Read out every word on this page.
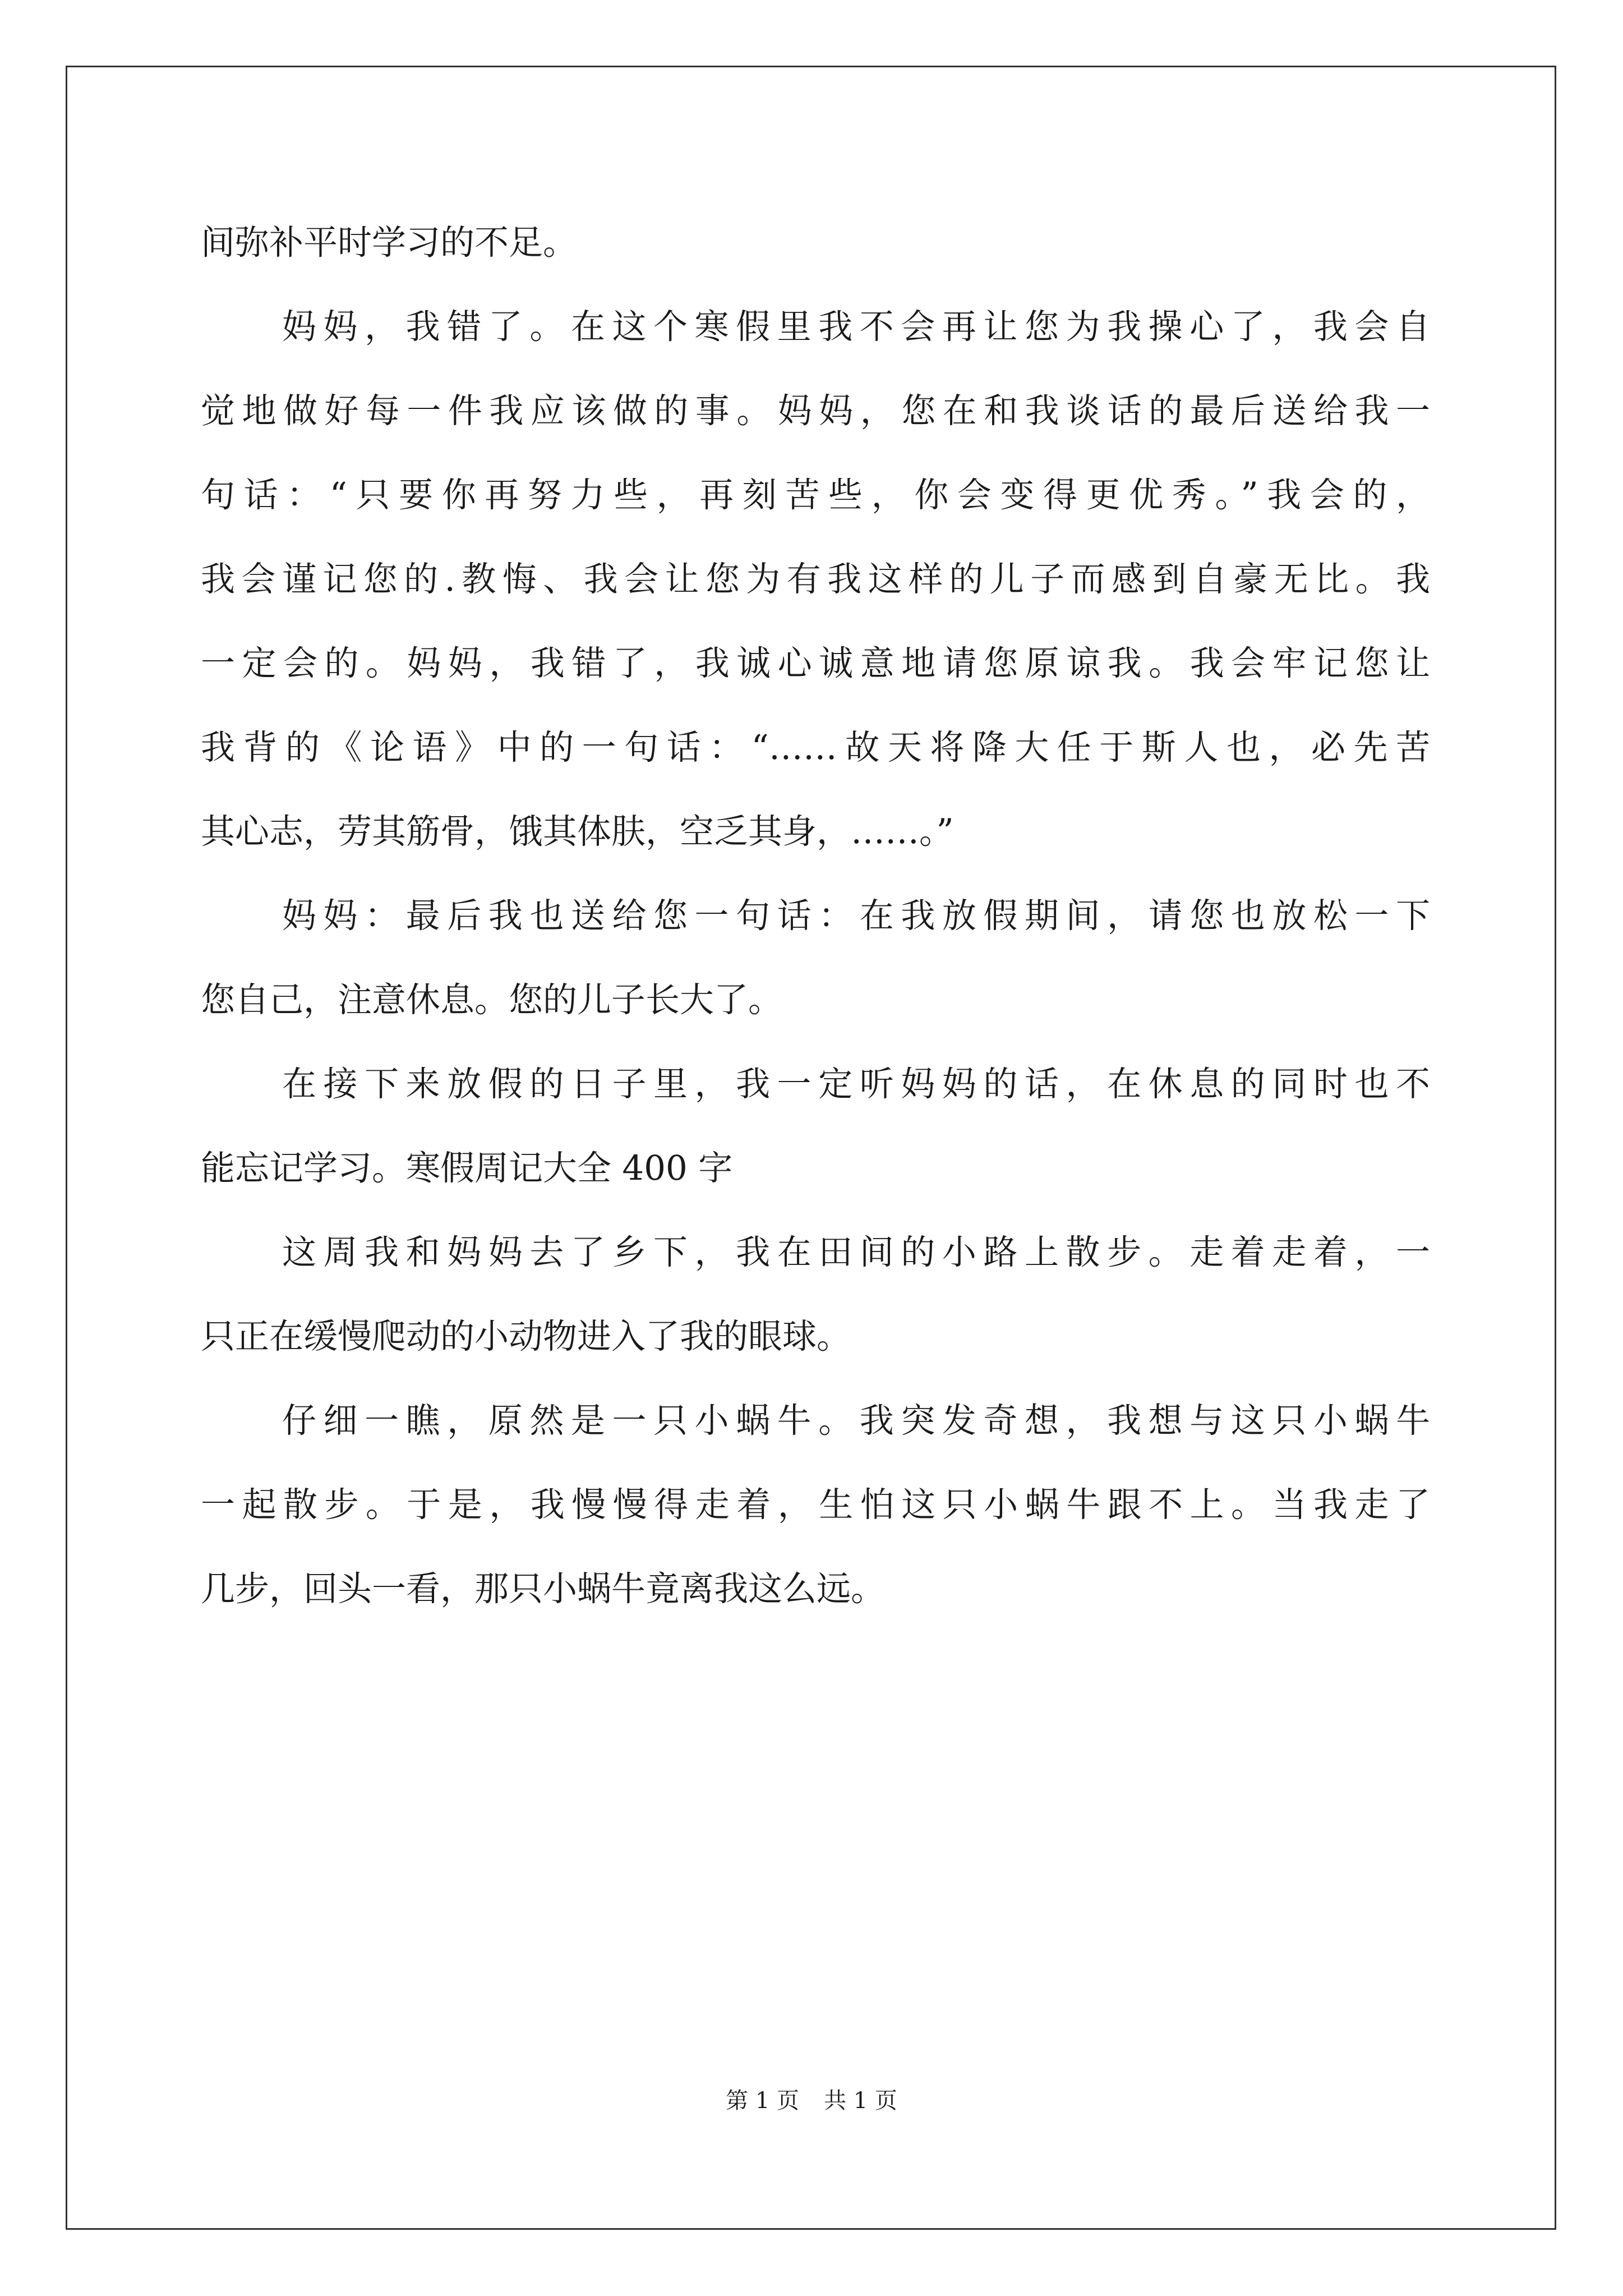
间弥补平时学习的不足。
妈妈，我错了。在这个寒假里我不会再让您为我操心了，我会自
觉地做好每一件我应该做的事。妈妈，您在和我谈话的最后送给我一
句话：“只要你再努力些，再刻苦些，你会变得更优秀。”我会的，
我会谨记您的.教悔、我会让您为有我这样的儿子而感到自豪无比。我
一定会的。妈妈，我错了，我诚心诚意地请您原谅我。我会牢记您让
我背的《论语》中的一句话：“……故天将降大任于斯人也，必先苦
其心志，劳其筋骨，饿其体肤，空乏其身，……。”
妈妈：最后我也送给您一句话：在我放假期间，请您也放松一下
您自己，注意休息。您的儿子长大了。
在接下来放假的日子里，我一定听妈妈的话，在休息的同时也不
能忘记学习。寒假周记大全 400 字
这周我和妈妈去了乡下，我在田间的小路上散步。走着走着，一
只正在缓慢爬动的小动物进入了我的眼球。
仔细一瞧，原然是一只小蜗牛。我突发奇想，我想与这只小蜗牛
一起散步。于是，我慢慢得走着，生怕这只小蜗牛跟不上。当我走了
几步，回头一看，那只小蜗牛竟离我这么远。
第 1 页 共 1 页
